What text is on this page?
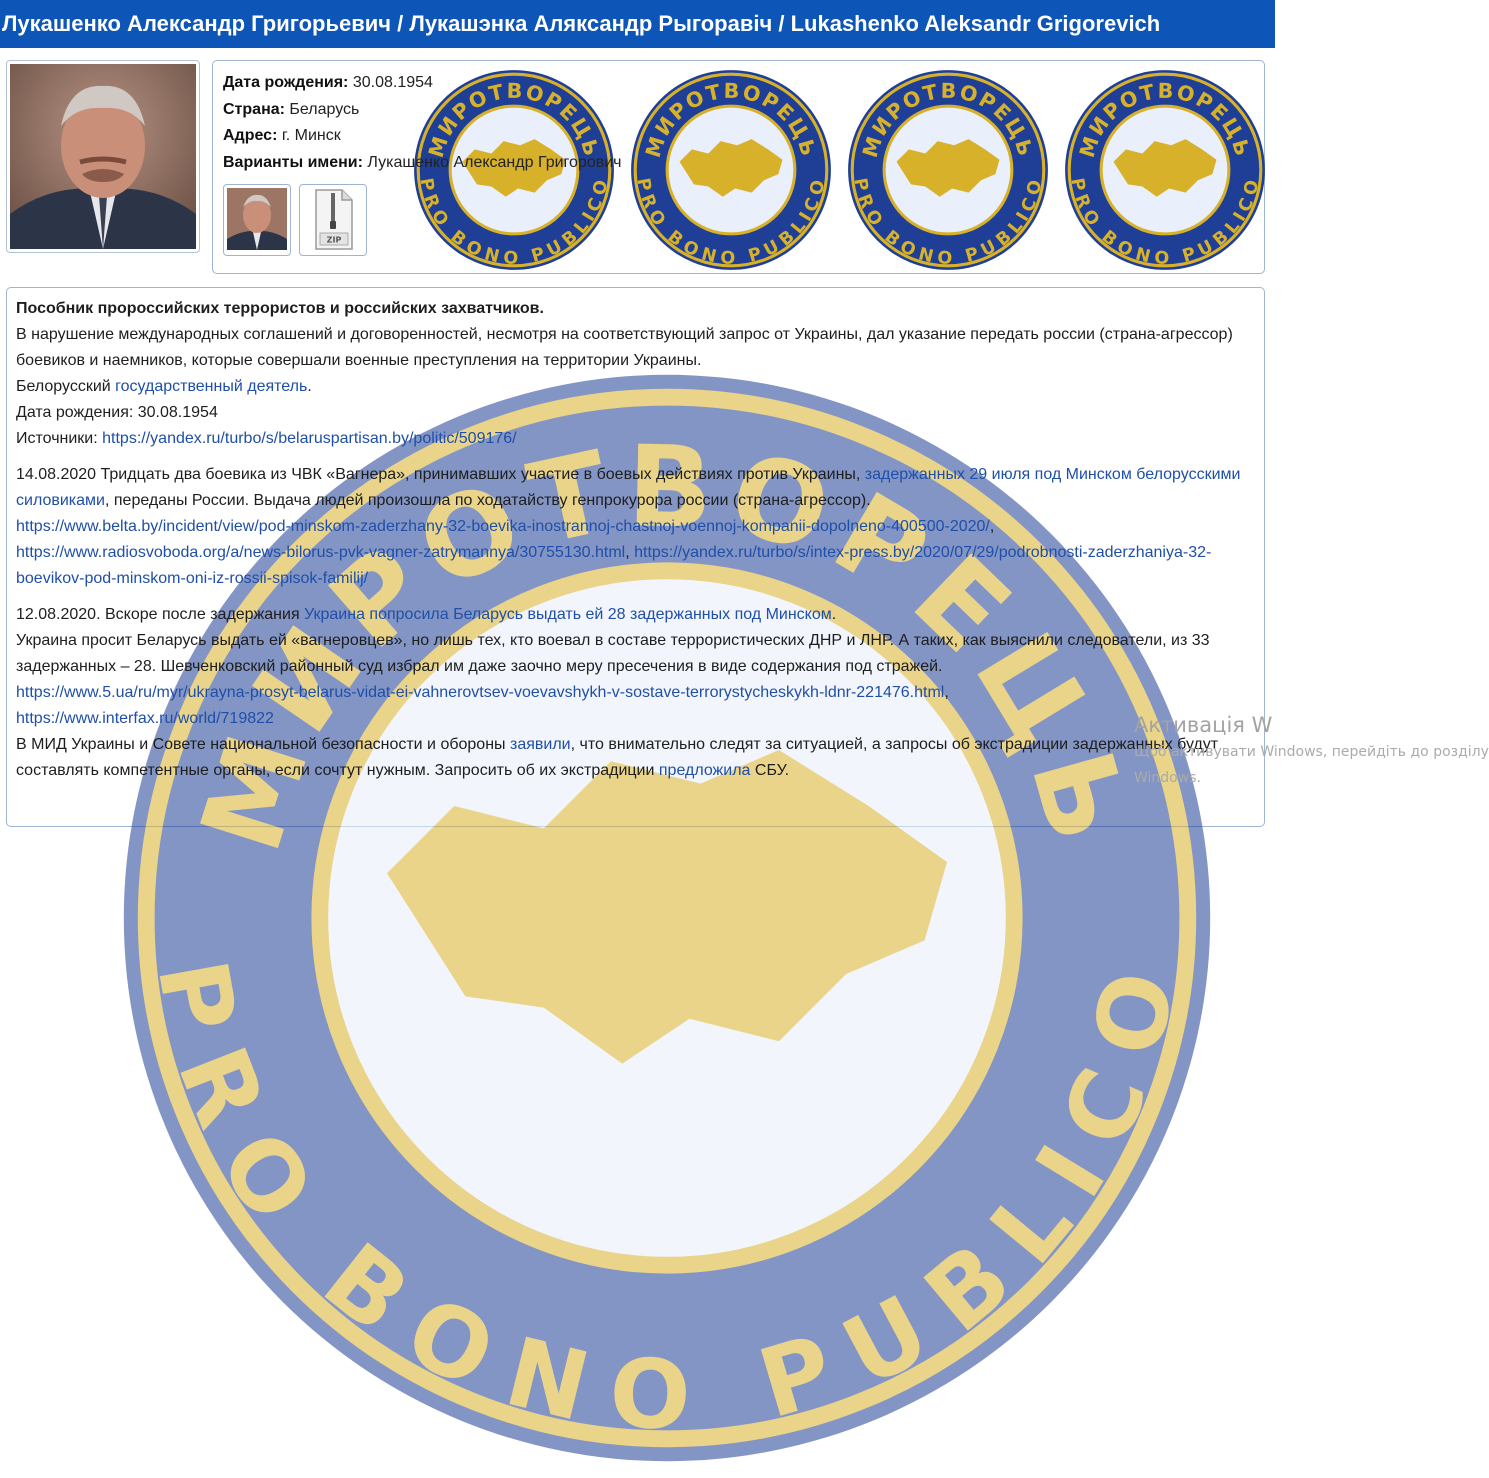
Лукашенко Александр Григорьевич / Лукашэнка Аляксандр Рыгоравіч / Lukashenko Aleksandr Grigorevich
Дата рождения: 30.08.1954
Страна: Беларусь
Адрес: г. Минск
Варианты имени: Лукашенко Александр Григорович
ZIP

Пособник пророссийских террористов и российских захватчиков.
В нарушение международных соглашений и договоренностей, несмотря на соответствующий запрос от Украины, дал указание передать россии (страна-агрессор) боевиков и наемников, которые совершали военные преступления на территории Украины.
Белорусский государственный деятель.
Дата рождения: 30.08.1954
Источники: https://yandex.ru/turbo/s/belaruspartisan.by/politic/509176/

14.08.2020 Тридцать два боевика из ЧВК «Вагнера», принимавших участие в боевых действиях против Украины, задержанных 29 июля под Минском белорусскими силовиками, переданы России. Выдача людей произошла по ходатайству генпрокурора россии (страна-агрессор).
https://www.belta.by/incident/view/pod-minskom-zaderzhany-32-boevika-inostrannoj-chastnoj-voennoj-kompanii-dopolneno-400500-2020/, https://www.radiosvoboda.org/a/news-bilorus-pvk-vagner-zatrymannya/30755130.html, https://yandex.ru/turbo/s/intex-press.by/2020/07/29/podrobnosti-zaderzhaniya-32-boevikov-pod-minskom-oni-iz-rossii-spisok-familij/

12.08.2020. Вскоре после задержания Украина попросила Беларусь выдать ей 28 задержанных под Минском.
Украина просит Беларусь выдать ей «вагнеровцев», но лишь тех, кто воевал в составе террористических ДНР и ЛНР. А таких, как выяснили следователи, из 33 задержанных – 28. Шевченковский районный суд избрал им даже заочно меру пресечения в виде содержания под стражей.
https://www.5.ua/ru/myr/ukrayna-prosyt-belarus-vidat-ei-vahnerovtsev-voevavshykh-v-sostave-terrorystycheskykh-ldnr-221476.html,
https://www.interfax.ru/world/719822
В МИД Украины и Совете национальной безопасности и обороны заявили, что внимательно следят за ситуацией, а запросы об экстрадиции задержанных будут составлять компетентные органы, если сочтут нужным. Запросить об их экстрадиции предложила СБУ.

Активація W
Щоб активувати Windows, перейдіть до розділу
Windows.
